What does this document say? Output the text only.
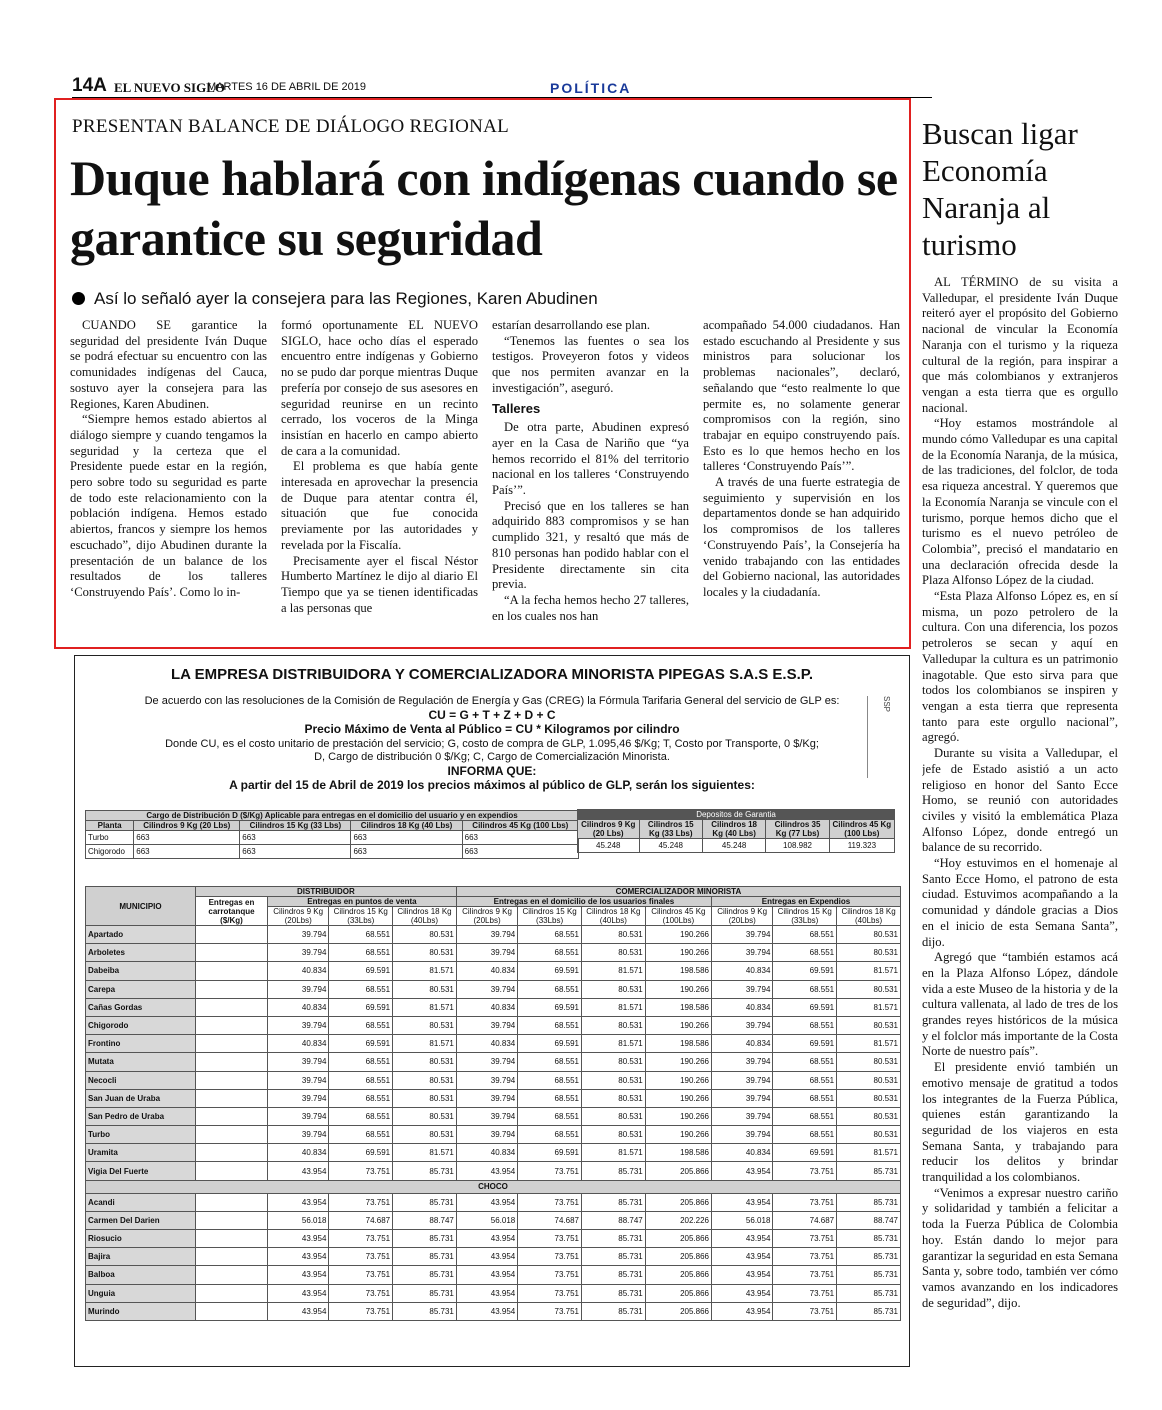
14A EL NUEVO SIGLO
MARTES 16 DE ABRIL DE 2019	POLÍTICA
PRESENTAN BALANCE DE DIÁLOGO REGIONAL
Duque hablará con indígenas cuando se garantice su seguridad
Así lo señaló ayer la consejera para las Regiones, Karen Abudinen

CUANDO SE garantice la seguridad del presidente Iván Duque se podrá efectuar su encuentro con las comunidades indígenas del Cauca, sostuvo ayer la consejera para las Regiones, Karen Abudinen.

“Siempre hemos estado abiertos al diálogo siempre y cuando tengamos la seguridad y la certeza que el Presidente puede estar en la región, pero sobre todo su seguridad es parte de todo este relacionamiento con la población indígena. Hemos estado abiertos, francos y siempre los hemos escuchado”, dijo Abudinen durante la presentación de un balance de los resultados de los talleres ‘Construyendo País’. Como lo in-

formó oportunamente EL NUEVO SIGLO, hace ocho días el esperado encuentro entre indígenas y Gobierno no se pudo dar porque mientras Duque prefería por consejo de sus asesores en seguridad reunirse en un recinto cerrado, los voceros de la Minga insistían en hacerlo en campo abierto de cara a la comunidad.

El problema es que había gente interesada en aprovechar la presencia de Duque para atentar contra él, situación que fue conocida previamente por las autoridades y revelada por la Fiscalía.

Precisamente ayer el fiscal Néstor Humberto Martínez le dijo al diario El Tiempo que ya se tienen identificadas a las personas que

estarían desarrollando ese plan.

“Tenemos las fuentes o sea los testigos. Proveyeron fotos y videos que nos permiten avanzar en la investigación”, aseguró.

Talleres

De otra parte, Abudinen expresó ayer en la Casa de Nariño que “ya hemos recorrido el 81% del territorio nacional en los talleres ‘Construyendo País’”.

Precisó que en los talleres se han adquirido 883 compromisos y se han cumplido 321, y resaltó que más de 810 personas han podido hablar con el Presidente directamente sin cita previa.

“A la fecha hemos hecho 27 talleres, en los cuales nos han

acompañado 54.000 ciudadanos. Han estado escuchando al Presidente y sus ministros para solucionar los problemas nacionales”, declaró, señalando que “esto realmente lo que permite es, no solamente generar compromisos con la región, sino trabajar en equipo construyendo país. Esto es lo que hemos hecho en los talleres ‘Construyendo País’”.

A través de una fuerte estrategia de seguimiento y supervisión en los departamentos donde se han adquirido los compromisos de los talleres ‘Construyendo País’, la Consejería ha venido trabajando con las entidades del Gobierno nacional, las autoridades locales y la ciudadanía.

Buscan ligar Economía Naranja al turismo

AL TÉRMINO de su visita a Valledupar, el presidente Iván Duque reiteró ayer el propósito del Gobierno nacional de vincular la Economía Naranja con el turismo y la riqueza cultural de la región, para inspirar a que más colombianos y extranjeros vengan a esta tierra que es orgullo nacional.

“Hoy estamos mostrándole al mundo cómo Valledupar es una capital de la Economía Naranja, de la música, de las tradiciones, del folclor, de toda esa riqueza ancestral. Y queremos que la Economía Naranja se vincule con el turismo, porque hemos dicho que el turismo es el nuevo petróleo de Colombia”, precisó el mandatario en una declaración ofrecida desde la Plaza Alfonso López de la ciudad.

“Esta Plaza Alfonso López es, en sí misma, un pozo petrolero de la cultura. Con una diferencia, los pozos petroleros se secan y aquí en Valledupar la cultura es un patrimonio inagotable. Que esto sirva para que todos los colombianos se inspiren y vengan a esta tierra que representa tanto para este orgullo nacional”, agregó.

Durante su visita a Valledupar, el jefe de Estado asistió a un acto religioso en honor del Santo Ecce Homo, se reunió con autoridades civiles y visitó la emblemática Plaza Alfonso López, donde entregó un balance de su recorrido.

“Hoy estuvimos en el homenaje al Santo Ecce Homo, el patrono de esta ciudad. Estuvimos acompañando a la comunidad y dándole gracias a Dios en el inicio de esta Semana Santa”, dijo.

Agregó que “también estamos acá en la Plaza Alfonso López, dándole vida a este Museo de la historia y de la cultura vallenata, al lado de tres de los grandes reyes históricos de la música y el folclor más importante de la Costa Norte de nuestro país”.

El presidente envió también un emotivo mensaje de gratitud a todos los integrantes de la Fuerza Pública, quienes están garantizando la seguridad de los viajeros en esta Semana Santa, y trabajando para reducir los delitos y brindar tranquilidad a los colombianos.

“Venimos a expresar nuestro cariño y solidaridad y también a felicitar a toda la Fuerza Pública de Colombia hoy. Están dando lo mejor para garantizar la seguridad en esta Semana Santa y, sobre todo, también ver cómo vamos avanzando en los indicadores de seguridad”, dijo.

LA EMPRESA DISTRIBUIDORA Y COMERCIALIZADORA MINORISTA PIPEGAS S.A.S E.S.P.
De acuerdo con las resoluciones de la Comisión de Regulación de Energía y Gas (CREG) la Fórmula Tarifaria General del servicio de GLP es:
CU = G + T + Z + D + C
Precio Máximo de Venta al Público = CU * Kilogramos por cilindro
Donde CU, es el costo unitario de prestación del servicio; G, costo de compra de GLP, 1.095,46 $/Kg; T, Costo por Transporte, 0 $/Kg;
D, Cargo de distribución 0 $/Kg; C, Cargo de Comercialización Minorista.
INFORMA QUE:
A partir del 15 de Abril de 2019 los precios máximos al público de GLP, serán los siguientes:
SSP
Cargo de Distribución D ($/Kg) Aplicable para entregas en el domicilio del usuario y en expendios				
Planta	Cilindros 9 Kg (20 Lbs)	Cilindros 15 Kg (33 Lbs)	Cilindros 18 Kg (40 Lbs)	Cilindros 45 Kg (100 Lbs)
Turbo	663	663	663	663
Chigorodo	663	663	663	663
Depositos de Garantia				
Cilindros 9 Kg (20 Lbs)	Cilindros 15 Kg (33 Lbs)	Cilindros 18 Kg (40 Lbs)	Cilindros 35 Kg (77 Lbs)	Cilindros 45 Kg (100 Lbs)
45.248	45.248	45.248	108.982	119.323
MUNICIPIO	DISTRIBUIDOR				COMERCIALIZADOR MINORISTA						
	Entregas en carrotanque ($/Kg)	Entregas en puntos de venta			Entregas en el domicilio de los usuarios finales				Entregas en Expendios		
		Cilindros 9 Kg (20Lbs)	Cilindros 15 Kg (33Lbs)	Cilindros 18 Kg (40Lbs)	Cilindros 9 Kg (20Lbs)	Cilindros 15 Kg (33Lbs)	Cilindros 18 Kg (40Lbs)	Cilindros 45 Kg (100Lbs)	Cilindros 9 Kg (20Lbs)	Cilindros 15 Kg (33Lbs)	Cilindros 18 Kg (40Lbs)
Apartado		39.794	68.551	80.531	39.794	68.551	80.531	190.266	39.794	68.551	80.531
Arboletes		39.794	68.551	80.531	39.794	68.551	80.531	190.266	39.794	68.551	80.531
Dabeiba		40.834	69.591	81.571	40.834	69.591	81.571	198.586	40.834	69.591	81.571
Carepa		39.794	68.551	80.531	39.794	68.551	80.531	190.266	39.794	68.551	80.531
Cañas Gordas		40.834	69.591	81.571	40.834	69.591	81.571	198.586	40.834	69.591	81.571
Chigorodo		39.794	68.551	80.531	39.794	68.551	80.531	190.266	39.794	68.551	80.531
Frontino		40.834	69.591	81.571	40.834	69.591	81.571	198.586	40.834	69.591	81.571
Mutata		39.794	68.551	80.531	39.794	68.551	80.531	190.266	39.794	68.551	80.531
Necocli		39.794	68.551	80.531	39.794	68.551	80.531	190.266	39.794	68.551	80.531
San Juan de Uraba		39.794	68.551	80.531	39.794	68.551	80.531	190.266	39.794	68.551	80.531
San Pedro de Uraba		39.794	68.551	80.531	39.794	68.551	80.531	190.266	39.794	68.551	80.531
Turbo		39.794	68.551	80.531	39.794	68.551	80.531	190.266	39.794	68.551	80.531
Uramita		40.834	69.591	81.571	40.834	69.591	81.571	198.586	40.834	69.591	81.571
Vigia Del Fuerte		43.954	73.751	85.731	43.954	73.751	85.731	205.866	43.954	73.751	85.731
CHOCO											
Acandi		43.954	73.751	85.731	43.954	73.751	85.731	205.866	43.954	73.751	85.731
Carmen Del Darien		56.018	74.687	88.747	56.018	74.687	88.747	202.226	56.018	74.687	88.747
Riosucio		43.954	73.751	85.731	43.954	73.751	85.731	205.866	43.954	73.751	85.731
Bajira		43.954	73.751	85.731	43.954	73.751	85.731	205.866	43.954	73.751	85.731
Balboa		43.954	73.751	85.731	43.954	73.751	85.731	205.866	43.954	73.751	85.731
Unguia		43.954	73.751	85.731	43.954	73.751	85.731	205.866	43.954	73.751	85.731
Murindo		43.954	73.751	85.731	43.954	73.751	85.731	205.866	43.954	73.751	85.731
